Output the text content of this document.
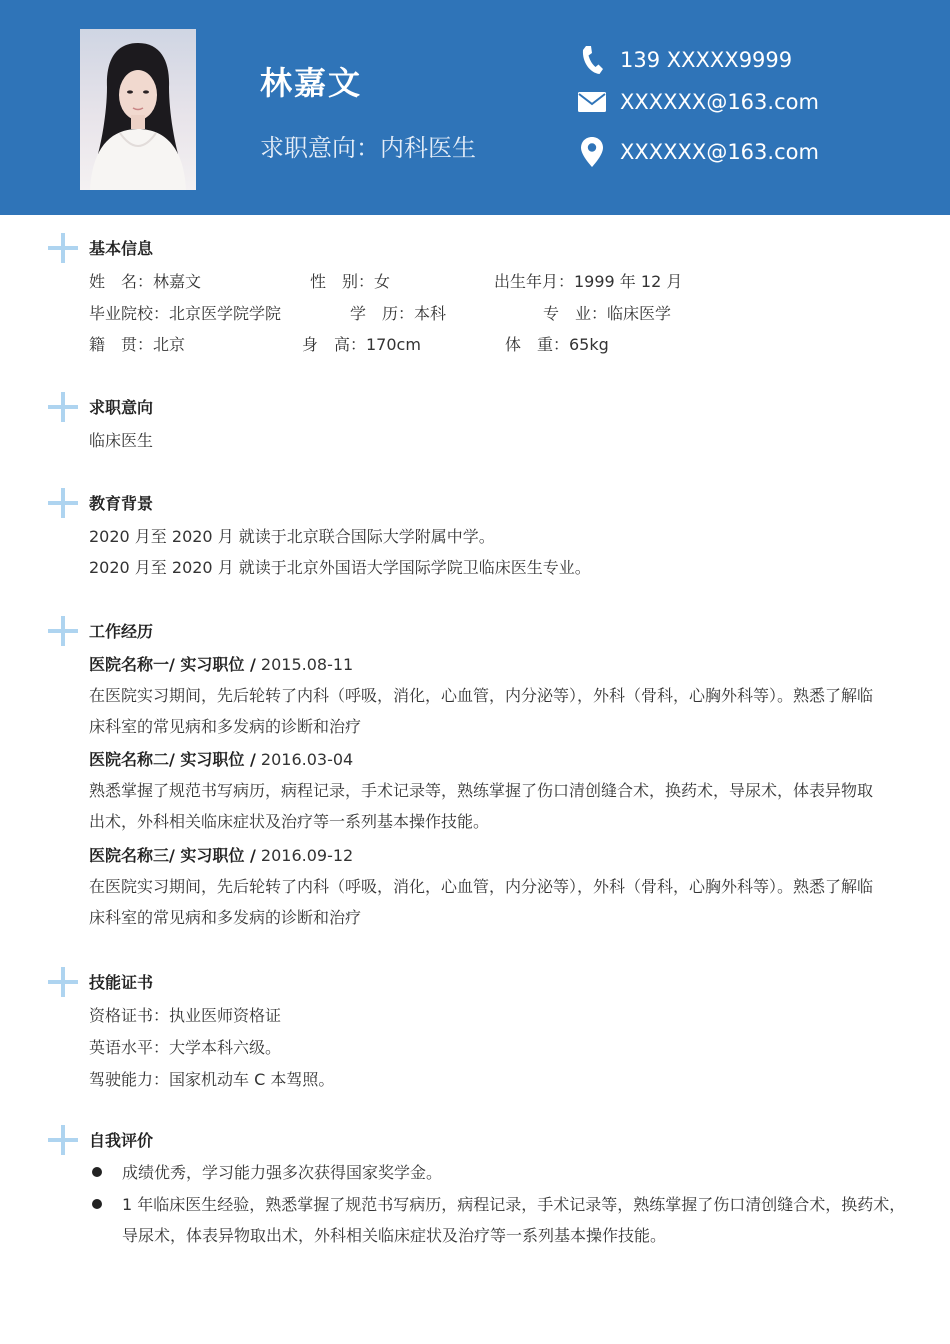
林嘉文
求职意向：内科医生
139 XXXXX9999
XXXXXX@163.com
XXXXXX@163.com
基本信息
姓　名：林嘉文	性　别：女	出生年月：1999 年 12 月
毕业院校：北京医学院学院	学　历：本科	专　业：临床医学
籍　贯：北京	身　高：170cm	体　重：65kg
求职意向
临床医生
教育背景
2020 月至 2020 月 就读于北京联合国际大学附属中学。
2020 月至 2020 月 就读于北京外国语大学国际学院卫临床医生专业。
工作经历
医院名称一/ 实习职位 / 2015.08-11
在医院实习期间，先后轮转了内科（呼吸，消化，心血管，内分泌等），外科（骨科，心胸外科等）。熟悉了解临床科室的常见病和多发病的诊断和治疗
医院名称二/ 实习职位 / 2016.03-04
熟悉掌握了规范书写病历，病程记录，手术记录等，熟练掌握了伤口清创缝合术，换药术，导尿术，体表异物取出术，外科相关临床症状及治疗等一系列基本操作技能。
医院名称三/ 实习职位 / 2016.09-12
在医院实习期间，先后轮转了内科（呼吸，消化，心血管，内分泌等），外科（骨科，心胸外科等）。熟悉了解临床科室的常见病和多发病的诊断和治疗
技能证书
资格证书：执业医师资格证
英语水平：大学本科六级。
驾驶能力：国家机动车 C 本驾照。
自我评价
成绩优秀，学习能力强多次获得国家奖学金。
1 年临床医生经验，熟悉掌握了规范书写病历，病程记录，手术记录等，熟练掌握了伤口清创缝合术，换药术，导尿术，体表异物取出术，外科相关临床症状及治疗等一系列基本操作技能。
